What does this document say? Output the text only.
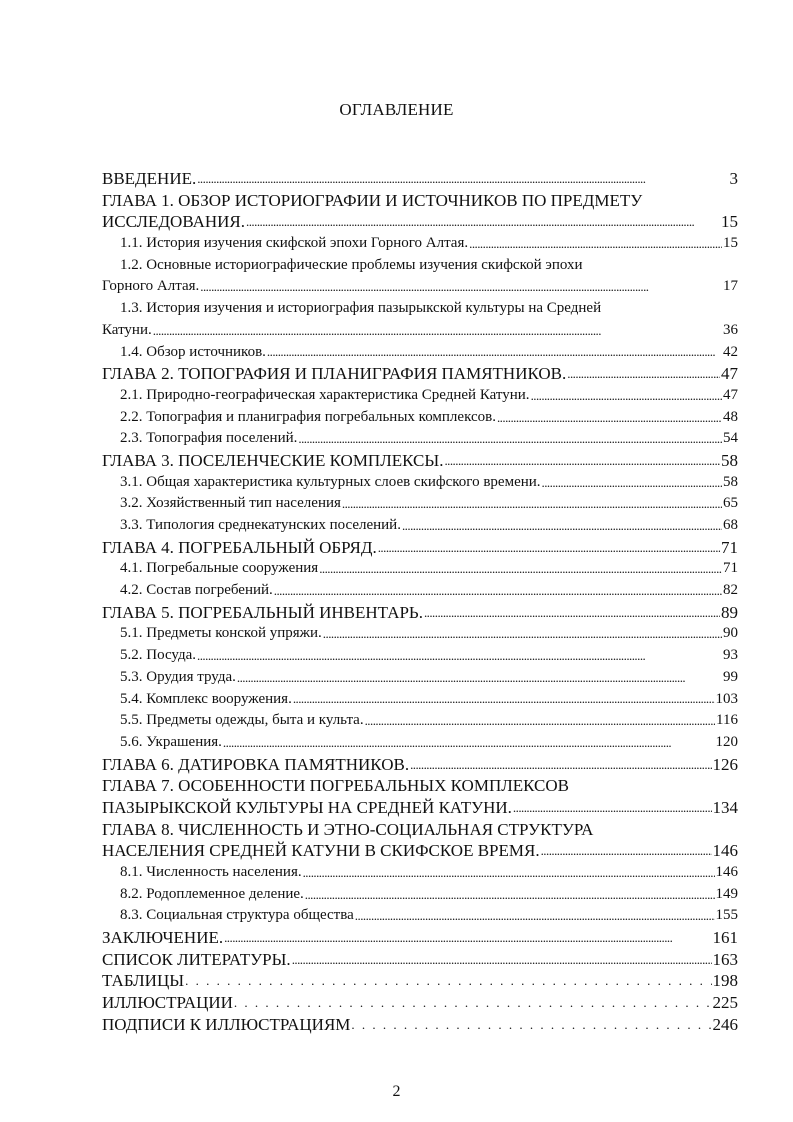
ОГЛАВЛЕНИЕ
ВВЕДЕНИЕ. . . .	3
ГЛАВА 1. ОБЗОР ИСТОРИОГРАФИИ И ИСТОЧНИКОВ ПО ПРЕДМЕТУ
ИССЛЕДОВАНИЯ. . . .	15
1.1. История изучения скифской эпохи Горного Алтая. . . .	15
1.2. Основные историографические проблемы изучения скифской эпохи
Горного Алтая. . . .	17
1.3. История изучения и историография пазырыкской культуры на Средней
Катуни. . . .	36
1.4. Обзор источников. . . .	42
ГЛАВА 2. ТОПОГРАФИЯ И ПЛАНИГРАФИЯ ПАМЯТНИКОВ. . . .	47
2.1. Природно-географическая характеристика Средней Катуни. . . .	47
2.2. Топография и планиграфия погребальных комплексов. . . .	48
2.3. Топография поселений. . . .	54
ГЛАВА 3. ПОСЕЛЕНЧЕСКИЕ КОМПЛЕКСЫ. . . .	58
3.1. Общая характеристика культурных слоев скифского времени. . . .	58
3.2. Хозяйственный тип населения . . .	65
3.3. Типология среднекатунских поселений. . . .	68
ГЛАВА 4. ПОГРЕБАЛЬНЫЙ ОБРЯД. . . .	71
4.1. Погребальные сооружения . . .	71
4.2. Состав погребений. . . .	82
ГЛАВА 5. ПОГРЕБАЛЬНЫЙ ИНВЕНТАРЬ. . . .	89
5.1. Предметы конской упряжи. . . .	90
5.2. Посуда. . . .	93
5.3. Орудия труда. . . .	99
5.4. Комплекс вооружения. . . .	103
5.5. Предметы одежды, быта и культа. . . .	116
5.6. Украшения. . . .	120
ГЛАВА 6. ДАТИРОВКА ПАМЯТНИКОВ. . . .	126
ГЛАВА 7. ОСОБЕННОСТИ ПОГРЕБАЛЬНЫХ КОМПЛЕКСОВ
ПАЗЫРЫКСКОЙ КУЛЬТУРЫ НА СРЕДНЕЙ КАТУНИ. . . .	134
ГЛАВА 8. ЧИСЛЕННОСТЬ И ЭТНО-СОЦИАЛЬНАЯ СТРУКТУРА
НАСЕЛЕНИЯ СРЕДНЕЙ КАТУНИ В СКИФСКОЕ ВРЕМЯ. . . .	146
8.1. Численность населения. . . .	146
8.2. Родоплеменное деление. . . .	149
8.3. Социальная структура общества . . .	155
ЗАКЛЮЧЕНИЕ. . . .	161
СПИСОК ЛИТЕРАТУРЫ. . . .	163
ТАБЛИЦЫ . . .	198
ИЛЛЮСТРАЦИИ . . .	225
ПОДПИСИ К ИЛЛЮСТРАЦИЯМ . . .	246
2
